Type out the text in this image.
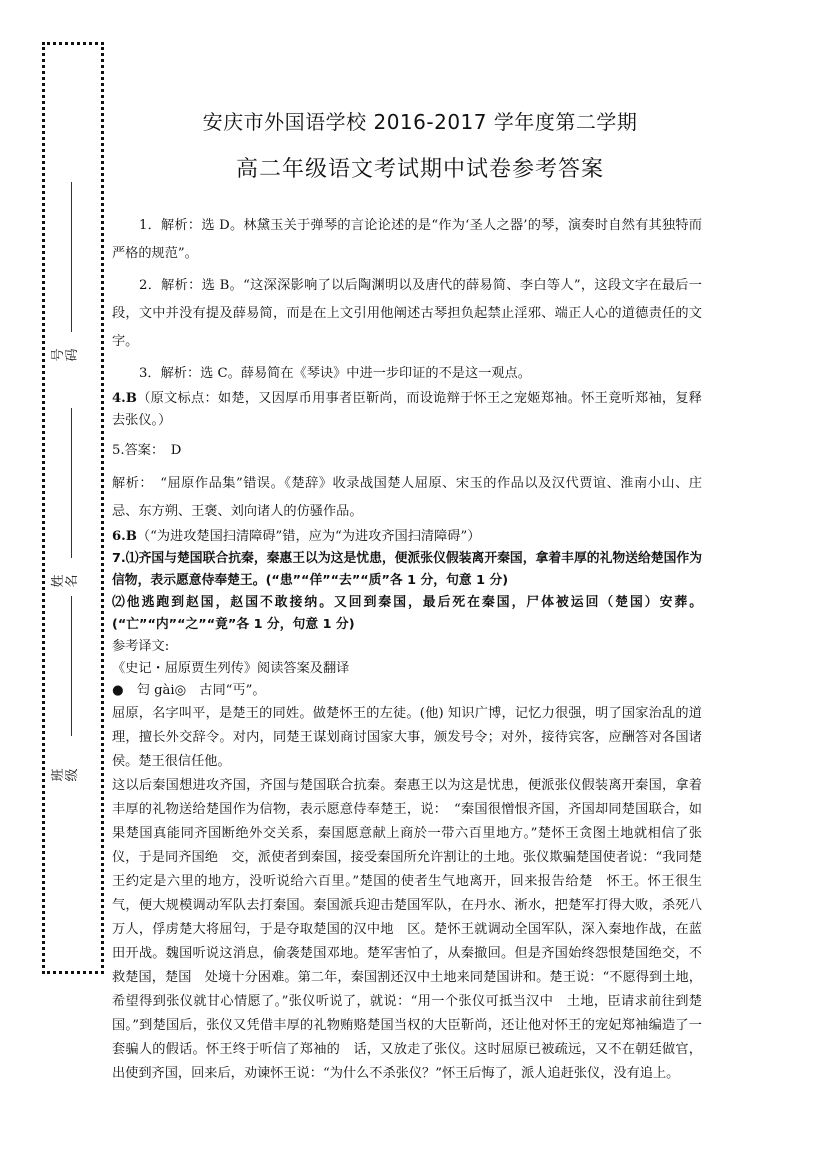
号码
姓名
班级

安庆市外国语学校 2016-2017 学年度第二学期

高二年级语文考试期中试卷参考答案

1．解析：选 D。林黛玉关于弹琴的言论论述的是“作为‘圣人之器’的琴，演奏时自然有其独特而严格的规范”。

2．解析：选 B。“这深深影响了以后陶渊明以及唐代的薛易简、李白等人”，这段文字在最后一段，文中并没有提及薛易简，而是在上文引用他阐述古琴担负起禁止淫邪、端正人心的道德责任的文字。

3．解析：选 C。薛易简在《琴诀》中进一步印证的不是这一观点。

4.B（原文标点：如楚，又因厚币用事者臣靳尚，而设诡辩于怀王之宠姬郑袖。怀王竟听郑袖，复释去张仪。）

5.答案：　D

解析：　“屈原作品集”错误。《楚辞》收录战国楚人屈原、宋玉的作品以及汉代贾谊、淮南小山、庄忌、东方朔、王褒、刘向诸人的仿骚作品。

6.B（“为进攻楚国扫清障碍”错，应为“为进攻齐国扫清障碍”）

7.⑴齐国与楚国联合抗秦，秦惠王以为这是忧患，便派张仪假装离开秦国，拿着丰厚的礼物送给楚国作为信物，表示愿意侍奉楚王。(“患”“佯”“去”“质”各 1 分，句意 1 分)

⑵他逃跑到赵国，赵国不敢接纳。又回到秦国，最后死在秦国，尸体被运回（楚国）安葬。(“亡”“内”“之”“竟”各 1 分，句意 1 分)

参考译文:

《史记・屈原贾生列传》阅读答案及翻译

●　匄 gài◎　古同“丐”。

屈原，名字叫平，是楚王的同姓。做楚怀王的左徒。(他) 知识广博，记忆力很强，明了国家治乱的道理，擅长外交辞令。对内，同楚王谋划商讨国家大事，颁发号令；对外，接待宾客，应酬答对各国诸侯。楚王很信任他。

这以后秦国想进攻齐国，齐国与楚国联合抗秦。秦惠王以为这是忧患，便派张仪假装离开秦国，拿着丰厚的礼物送给楚国作为信物，表示愿意侍奉楚王，说：　“秦国很憎恨齐国，齐国却同楚国联合，如果楚国真能同齐国断绝外交关系，秦国愿意献上商於一带六百里地方。”楚怀王贪图土地就相信了张仪，于是同齐国绝　交，派使者到秦国，接受秦国所允许割让的土地。张仪欺骗楚国使者说：“我同楚王约定是六里的地方，没听说给六百里。”楚国的使者生气地离开，回来报告给楚　怀王。怀王很生气，便大规模调动军队去打秦国。秦国派兵迎击楚国军队，在丹水、淅水，把楚军打得大败，杀死八万人，俘虏楚大将屈匄，于是夺取楚国的汉中地　区。楚怀王就调动全国军队，深入秦地作战，在蓝田开战。魏国听说这消息，偷袭楚国邓地。楚军害怕了，从秦撤回。但是齐国始终怨恨楚国绝交，不救楚国，楚国　处境十分困难。第二年，秦国割还汉中土地来同楚国讲和。楚王说：“不愿得到土地，希望得到张仪就甘心情愿了。”张仪听说了，就说：“用一个张仪可抵当汉中　土地，臣请求前往到楚国。”到楚国后，张仪又凭借丰厚的礼物贿赂楚国当权的大臣靳尚，还让他对怀王的宠妃郑袖编造了一套骗人的假话。怀王终于听信了郑袖的　话，又放走了张仪。这时屈原已被疏远，又不在朝廷做官，出使到齐国，回来后，劝谏怀王说：“为什么不杀张仪？”怀王后悔了，派人追赶张仪，没有追上。
